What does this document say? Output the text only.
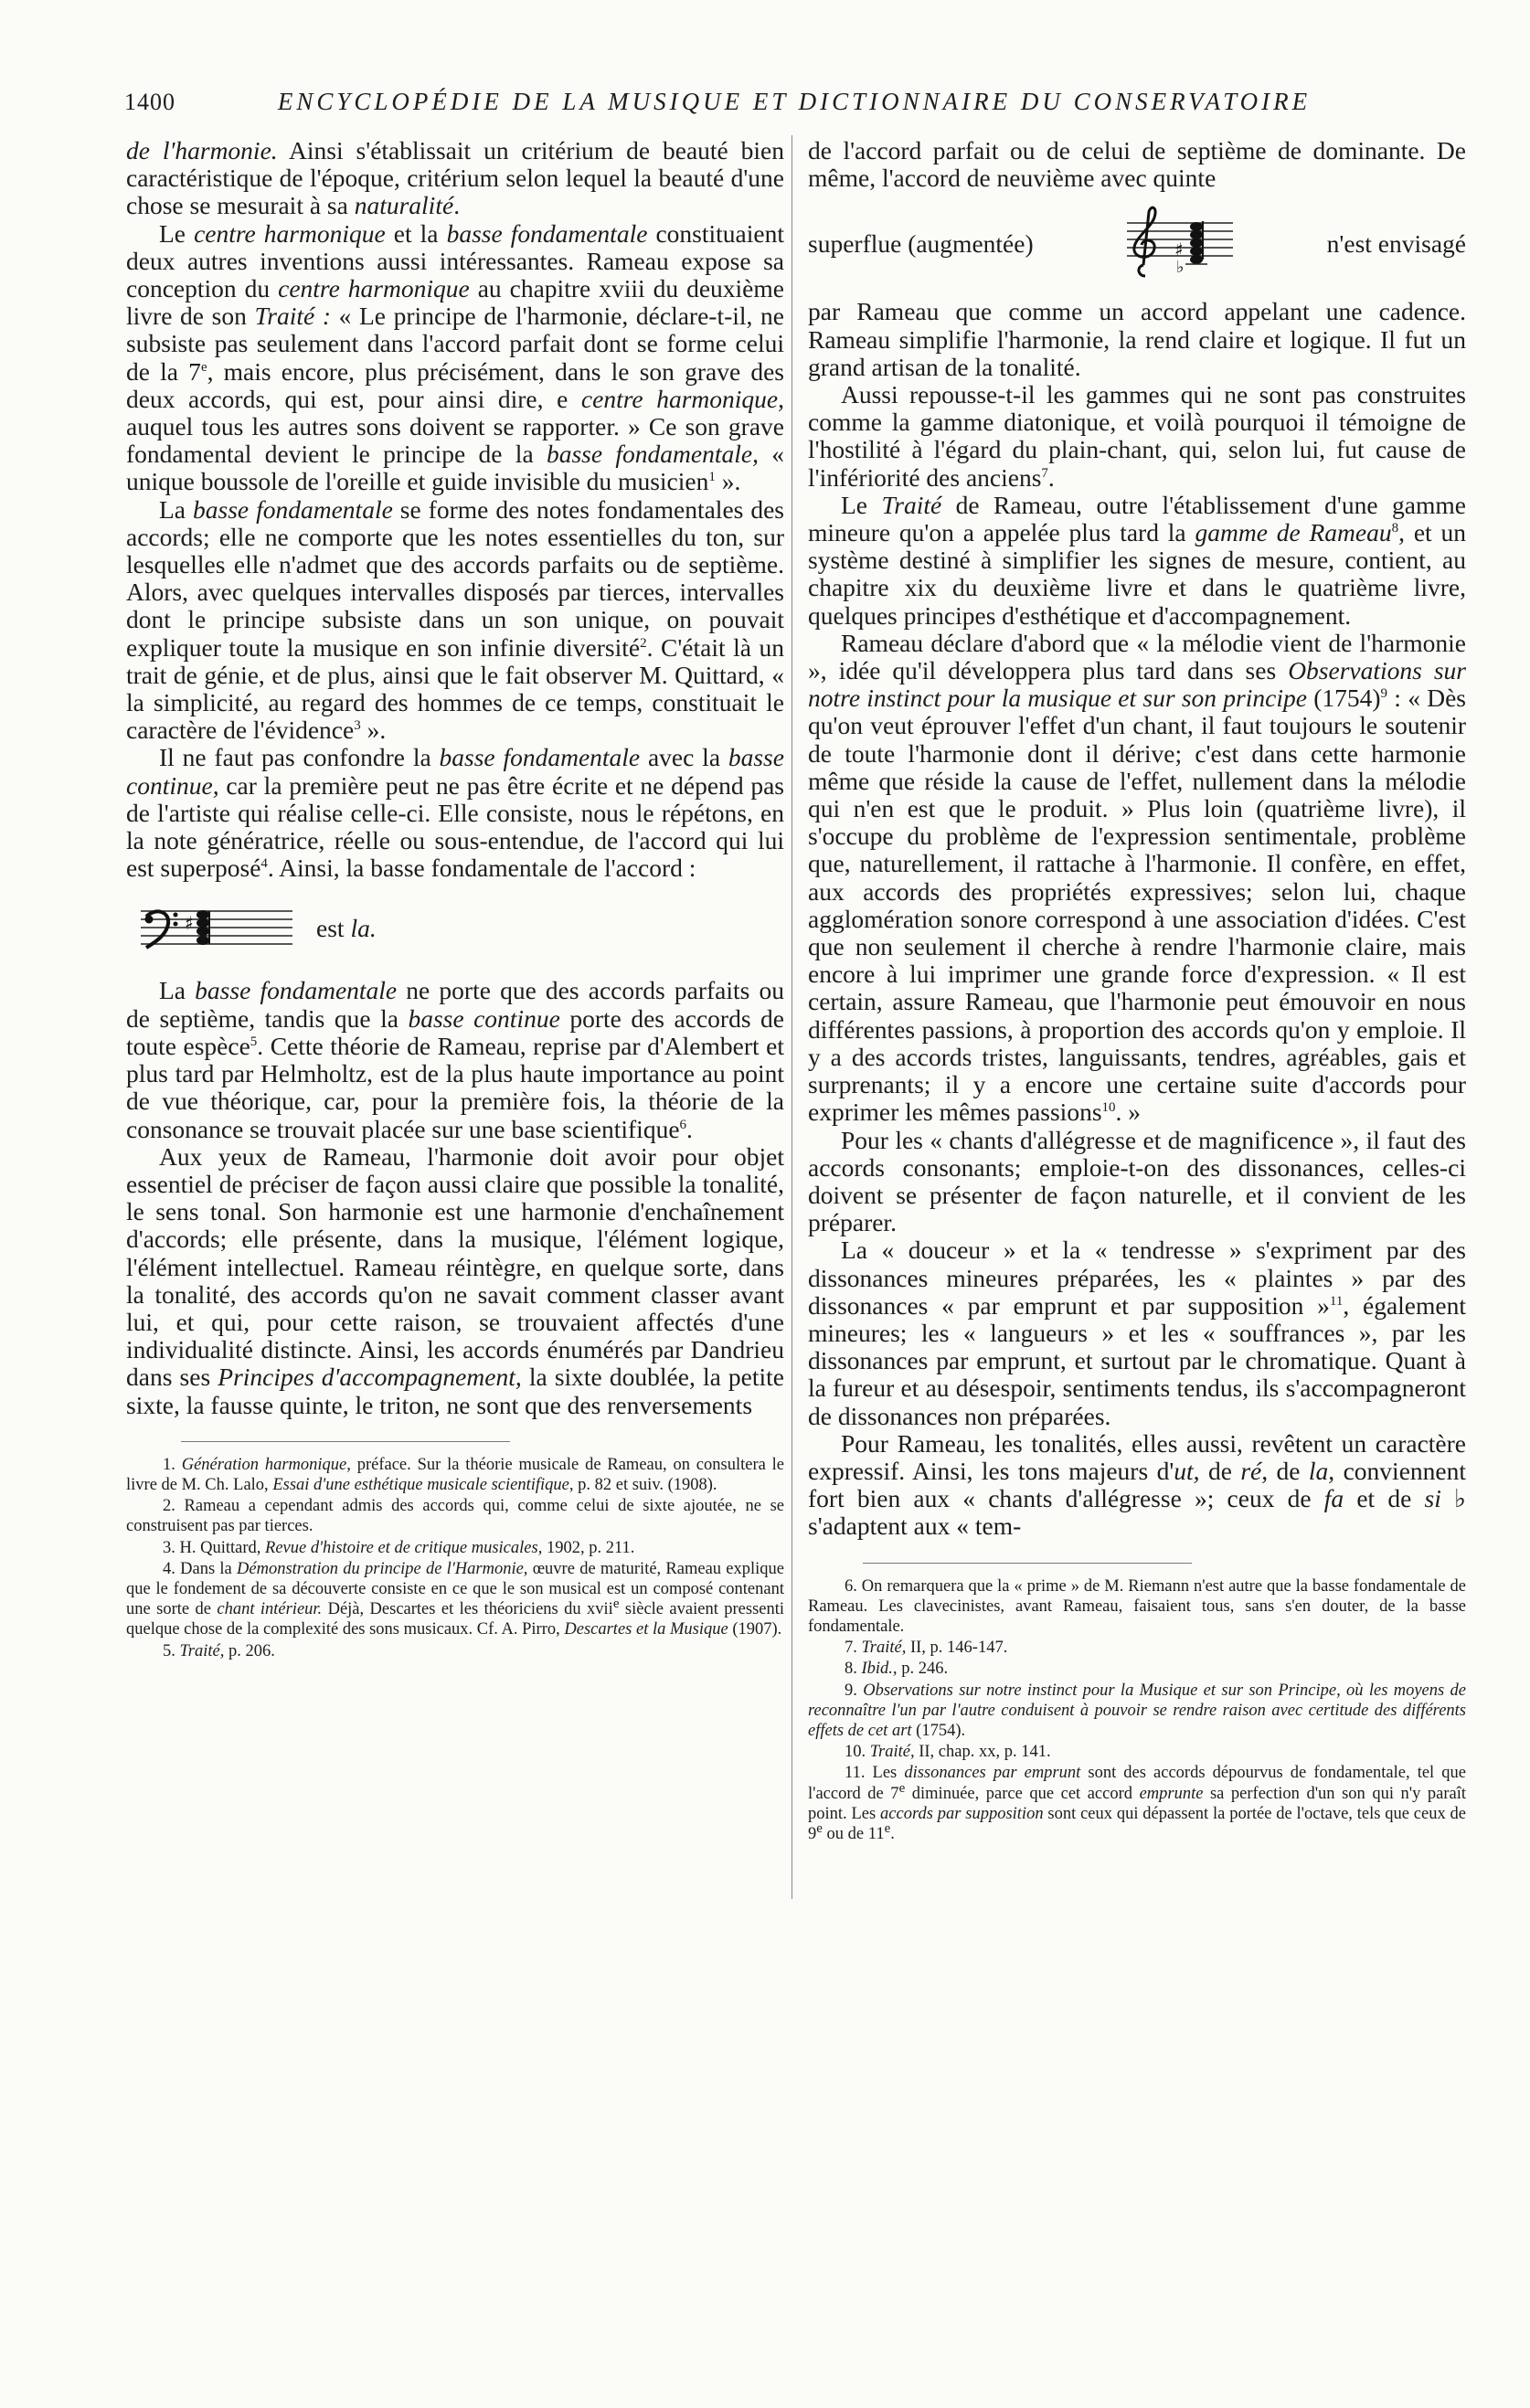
1400	ENCYCLOPÉDIE DE LA MUSIQUE ET DICTIONNAIRE DU CONSERVATOIRE

de l'harmonie. Ainsi s'établissait un critérium de beauté bien caractéristique de l'époque, critérium selon lequel la beauté d'une chose se mesurait à sa naturalité.

Le centre harmonique et la basse fondamentale constituaient deux autres inventions aussi intéressantes. Rameau expose sa conception du centre harmonique au chapitre xviii du deuxième livre de son Traité : « Le principe de l'harmonie, déclare-t-il, ne subsiste pas seulement dans l'accord parfait dont se forme celui de la 7e, mais encore, plus précisément, dans le son grave des deux accords, qui est, pour ainsi dire, e centre harmonique, auquel tous les autres sons doivent se rapporter. » Ce son grave fondamental devient le principe de la basse fondamentale, « unique boussole de l'oreille et guide invisible du musicien$^1$ ».

La basse fondamentale se forme des notes fondamentales des accords; elle ne comporte que les notes essentielles du ton, sur lesquelles elle n'admet que des accords parfaits ou de septième. Alors, avec quelques intervalles disposés par tierces, intervalles dont le principe subsiste dans un son unique, on pouvait expliquer toute la musique en son infinie diversité$^2$. C'était là un trait de génie, et de plus, ainsi que le fait observer M. Quittard, « la simplicité, au regard des hommes de ce temps, constituait le caractère de l'évidence$^3$ ».

Il ne faut pas confondre la basse fondamentale avec la basse continue, car la première peut ne pas être écrite et ne dépend pas de l'artiste qui réalise celle-ci. Elle consiste, nous le répétons, en la note génératrice, réelle ou sous-entendue, de l'accord qui lui est superposé$^4$. Ainsi, la basse fondamentale de l'accord :

♯	est la.

La basse fondamentale ne porte que des accords parfaits ou de septième, tandis que la basse continue porte des accords de toute espèce$^5$. Cette théorie de Rameau, reprise par d'Alembert et plus tard par Helmholtz, est de la plus haute importance au point de vue théorique, car, pour la première fois, la théorie de la consonance se trouvait placée sur une base scientifique$^6$.

Aux yeux de Rameau, l'harmonie doit avoir pour objet essentiel de préciser de façon aussi claire que possible la tonalité, le sens tonal. Son harmonie est une harmonie d'enchaînement d'accords; elle présente, dans la musique, l'élément logique, l'élément intellectuel. Rameau réintègre, en quelque sorte, dans la tonalité, des accords qu'on ne savait comment classer avant lui, et qui, pour cette raison, se trouvaient affectés d'une individualité distincte. Ainsi, les accords énumérés par Dandrieu dans ses Principes d'accompagnement, la sixte doublée, la petite sixte, la fausse quinte, le triton, ne sont que des renversements

1. Génération harmonique, préface. Sur la théorie musicale de Rameau, on consultera le livre de M. Ch. Lalo, Essai d'une esthétique musicale scientifique, p. 82 et suiv. (1908).

2. Rameau a cependant admis des accords qui, comme celui de sixte ajoutée, ne se construisent pas par tierces.

3. H. Quittard, Revue d'histoire et de critique musicales, 1902, p. 211.

4. Dans la Démonstration du principe de l'Harmonie, œuvre de maturité, Rameau explique que le fondement de sa découverte consiste en ce que le son musical est un composé contenant une sorte de chant intérieur. Déjà, Descartes et les théoriciens du xvii$^e$ siècle avaient pressenti quelque chose de la complexité des sons musicaux. Cf. A. Pirro, Descartes et la Musique (1907).

5. Traité, p. 206.

de l'accord parfait ou de celui de septième de dominante. De même, l'accord de neuvième avec quinte

superflue (augmentée)	♯
♭
n'est envisagé

par Rameau que comme un accord appelant une cadence. Rameau simplifie l'harmonie, la rend claire et logique. Il fut un grand artisan de la tonalité.

Aussi repousse-t-il les gammes qui ne sont pas construites comme la gamme diatonique, et voilà pourquoi il témoigne de l'hostilité à l'égard du plain-chant, qui, selon lui, fut cause de l'infériorité des anciens$^7$.

Le Traité de Rameau, outre l'établissement d'une gamme mineure qu'on a appelée plus tard la gamme de Rameau$^8$, et un système destiné à simplifier les signes de mesure, contient, au chapitre xix du deuxième livre et dans le quatrième livre, quelques principes d'esthétique et d'accompagnement.

Rameau déclare d'abord que « la mélodie vient de l'harmonie », idée qu'il développera plus tard dans ses Observations sur notre instinct pour la musique et sur son principe $(1754)^9$ : « Dès qu'on veut éprouver l'effet d'un chant, il faut toujours le soutenir de toute l'harmonie dont il dérive; c'est dans cette harmonie même que réside la cause de l'effet, nullement dans la mélodie qui n'en est que le produit. » Plus loin (quatrième livre), il s'occupe du problème de l'expression sentimentale, problème que, naturellement, il rattache à l'harmonie. Il confère, en effet, aux accords des propriétés expressives; selon lui, chaque agglomération sonore correspond à une association d'idées. C'est que non seulement il cherche à rendre l'harmonie claire, mais encore à lui imprimer une grande force d'expression. « Il est certain, assure Rameau, que l'harmonie peut émouvoir en nous différentes passions, à proportion des accords qu'on y emploie. Il y a des accords tristes, languissants, tendres, agréables, gais et surprenants; il y a encore une certaine suite d'accords pour exprimer les mêmes passions$^{10}$. »

Pour les « chants d'allégresse et de magnificence », il faut des accords consonants; emploie-t-on des dissonances, celles-ci doivent se présenter de façon naturelle, et il convient de les préparer.

La « douceur » et la « tendresse » s'expriment par des dissonances mineures préparées, les « plaintes » par des dissonances « par emprunt et par supposition »$^{11}$, également mineures; les « langueurs » et les « souffrances », par les dissonances par emprunt, et surtout par le chromatique. Quant à la fureur et au désespoir, sentiments tendus, ils s'accompagneront de dissonances non préparées.

Pour Rameau, les tonalités, elles aussi, revêtent un caractère expressif. Ainsi, les tons majeurs d'ut, de ré, de la, conviennent fort bien aux « chants d'allégresse »; ceux de fa et de si ♭ s'adaptent aux « tem-

6. On remarquera que la « prime » de M. Riemann n'est autre que la basse fondamentale de Rameau. Les clavecinistes, avant Rameau, faisaient tous, sans s'en douter, de la basse fondamentale.

7. Traité, II, p. 146-147.

8. Ibid., p. 246.

9. Observations sur notre instinct pour la Musique et sur son Principe, où les moyens de reconnaître l'un par l'autre conduisent à pouvoir se rendre raison avec certitude des différents effets de cet art (1754).

10. Traité, II, chap. xx, p. 141.

11. Les dissonances par emprunt sont des accords dépourvus de fondamentale, tel que l'accord de 7e diminuée, parce que cet accord emprunte sa perfection d'un son qui n'y paraît point. Les accords par supposition sont ceux qui dépassent la portée de l'octave, tels que ceux de 9e ou de 11e.
